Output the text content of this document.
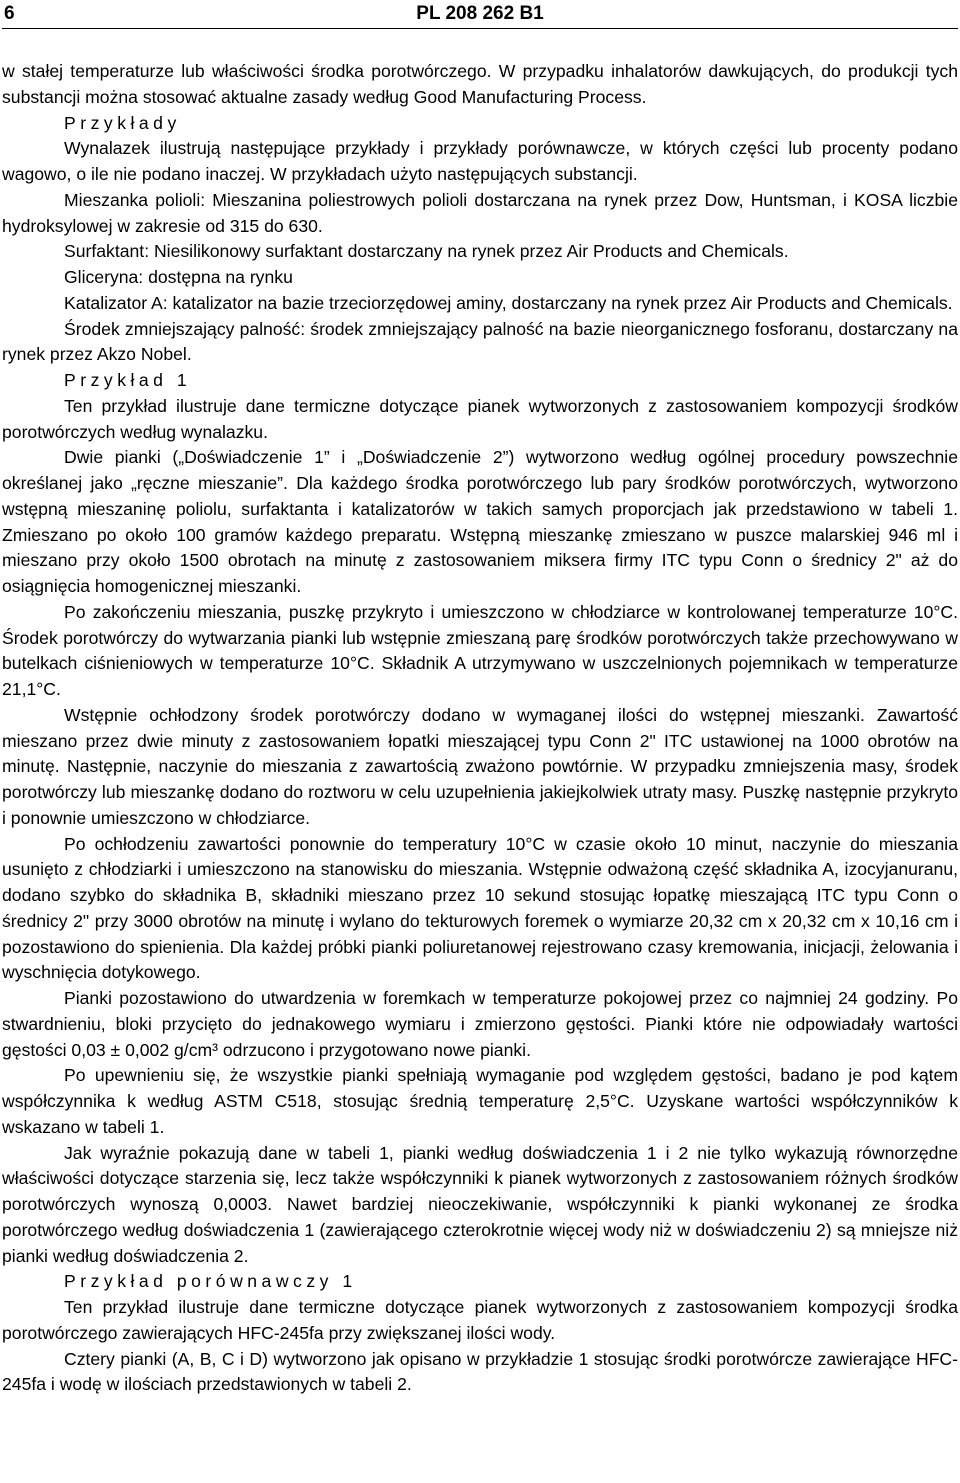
6	PL 208 262 B1

w stałej temperaturze lub właściwości środka porotwórczego. W przypadku inhalatorów dawkujących, do produkcji tych substancji można stosować aktualne zasady według Good Manufacturing Process.

Przykłady

Wynalazek ilustrują następujące przykłady i przykłady porównawcze, w których części lub procenty podano wagowo, o ile nie podano inaczej. W przykładach użyto następujących substancji.

Mieszanka polioli: Mieszanina poliestrowych polioli dostarczana na rynek przez Dow, Huntsman, i KOSA liczbie hydroksylowej w zakresie od 315 do 630.

Surfaktant: Niesilikonowy surfaktant dostarczany na rynek przez Air Products and Chemicals.

Gliceryna: dostępna na rynku

Katalizator A: katalizator na bazie trzeciorzędowej aminy, dostarczany na rynek przez Air Products and Chemicals.

Środek zmniejszający palność: środek zmniejszający palność na bazie nieorganicznego fosforanu, dostarczany na rynek przez Akzo Nobel.

Przykład 1

Ten przykład ilustruje dane termiczne dotyczące pianek wytworzonych z zastosowaniem kompozycji środków porotwórczych według wynalazku.

Dwie pianki („Doświadczenie 1” i „Doświadczenie 2”) wytworzono według ogólnej procedury powszechnie określanej jako „ręczne mieszanie”. Dla każdego środka porotwórczego lub pary środków porotwórczych, wytworzono wstępną mieszaninę poliolu, surfaktanta i katalizatorów w takich samych proporcjach jak przedstawiono w tabeli 1. Zmieszano po około 100 gramów każdego preparatu. Wstępną mieszankę zmieszano w puszce malarskiej 946 ml i mieszano przy około 1500 obrotach na minutę z zastosowaniem miksera firmy ITC typu Conn o średnicy 2" aż do osiągnięcia homogenicznej mieszanki.

Po zakończeniu mieszania, puszkę przykryto i umieszczono w chłodziarce w kontrolowanej temperaturze 10°C. Środek porotwórczy do wytwarzania pianki lub wstępnie zmieszaną parę środków porotwórczych także przechowywano w butelkach ciśnieniowych w temperaturze 10°C. Składnik A utrzymywano w uszczelnionych pojemnikach w temperaturze 21,1°C.

Wstępnie ochłodzony środek porotwórczy dodano w wymaganej ilości do wstępnej mieszanki. Zawartość mieszano przez dwie minuty z zastosowaniem łopatki mieszającej typu Conn 2" ITC ustawionej na 1000 obrotów na minutę. Następnie, naczynie do mieszania z zawartością zważono powtórnie. W przypadku zmniejszenia masy, środek porotwórczy lub mieszankę dodano do roztworu w celu uzupełnienia jakiejkolwiek utraty masy. Puszkę następnie przykryto i ponownie umieszczono w chłodziarce.

Po ochłodzeniu zawartości ponownie do temperatury 10°C w czasie około 10 minut, naczynie do mieszania usunięto z chłodziarki i umieszczono na stanowisku do mieszania. Wstępnie odważoną część składnika A, izocyjanuranu, dodano szybko do składnika B, składniki mieszano przez 10 sekund stosując łopatkę mieszającą ITC typu Conn o średnicy 2" przy 3000 obrotów na minutę i wylano do tekturowych foremek o wymiarze 20,32 cm x 20,32 cm x 10,16 cm i pozostawiono do spienienia. Dla każdej próbki pianki poliuretanowej rejestrowano czasy kremowania, inicjacji, żelowania i wyschnięcia dotykowego.

Pianki pozostawiono do utwardzenia w foremkach w temperaturze pokojowej przez co najmniej 24 godziny. Po stwardnieniu, bloki przycięto do jednakowego wymiaru i zmierzono gęstości. Pianki które nie odpowiadały wartości gęstości 0,03 ± 0,002 g/cm³ odrzucono i przygotowano nowe pianki.

Po upewnieniu się, że wszystkie pianki spełniają wymaganie pod względem gęstości, badano je pod kątem współczynnika k według ASTM C518, stosując średnią temperaturę 2,5°C. Uzyskane wartości współczynników k wskazano w tabeli 1.

Jak wyraźnie pokazują dane w tabeli 1, pianki według doświadczenia 1 i 2 nie tylko wykazują równorzędne właściwości dotyczące starzenia się, lecz także współczynniki k pianek wytworzonych z zastosowaniem różnych środków porotwórczych wynoszą 0,0003. Nawet bardziej nieoczekiwanie, współczynniki k pianki wykonanej ze środka porotwórczego według doświadczenia 1 (zawierającego czterokrotnie więcej wody niż w doświadczeniu 2) są mniejsze niż pianki według doświadczenia 2.

Przykład porównawczy 1

Ten przykład ilustruje dane termiczne dotyczące pianek wytworzonych z zastosowaniem kompozycji środka porotwórczego zawierających HFC-245fa przy zwiększanej ilości wody.

Cztery pianki (A, B, C i D) wytworzono jak opisano w przykładzie 1 stosując środki porotwórcze zawierające HFC-245fa i wodę w ilościach przedstawionych w tabeli 2.
